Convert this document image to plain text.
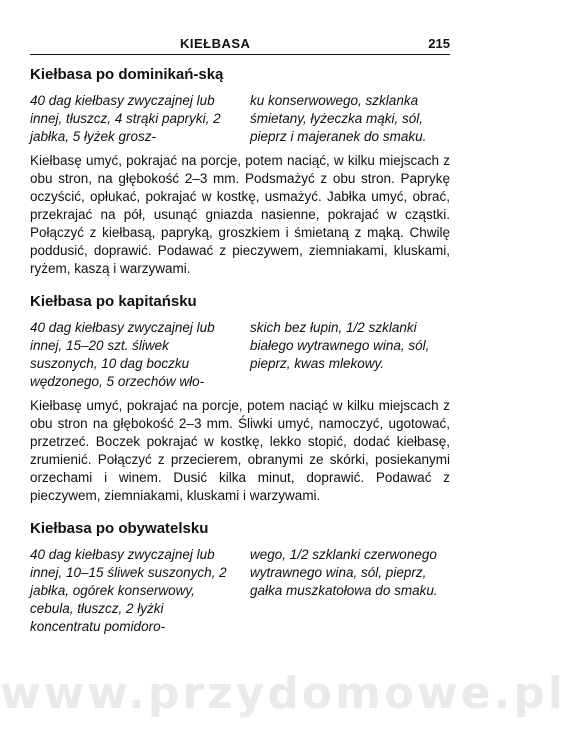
KIEŁBASA	215
Kiełbasa po dominikań-ską
40 dag kiełbasy zwyczajnej lub innej, tłuszcz, 4 strąki papryki, 2 jabłka, 5 łyżek grosz-
ku konserwowego, szklanka śmietany, łyżeczka mąki, sól, pieprz i majeranek do smaku.
Kiełbasę umyć, pokrajać na porcje, potem naciąć, w kilku miejscach z obu stron, na głębokość 2–3 mm. Podsmażyć z obu stron. Paprykę oczyścić, opłukać, pokrajać w kostkę, usmażyć. Jabłka umyć, obrać, przekrajać na pół, usunąć gniazda nasienne, pokrajać w cząstki. Połączyć z kiełbasą, papryką, groszkiem i śmietaną z mąką. Chwilę poddusić, doprawić. Podawać z pieczywem, ziemniakami, kluskami, ryżem, kaszą i warzywami.
Kiełbasa po kapitańsku
40 dag kiełbasy zwyczajnej lub innej, 15–20 szt. śliwek suszonych, 10 dag boczku wędzonego, 5 orzechów wło-
skich bez łupin, 1/2 szklanki białego wytrawnego wina, sól, pieprz, kwas mlekowy.
Kiełbasę umyć, pokrajać na porcje, potem naciąć w kilku miejscach z obu stron na głębokość 2–3 mm. Śliwki umyć, namoczyć, ugotować, przetrzeć. Boczek pokrajać w kostkę, lekko stopić, dodać kiełbasę, zrumienić. Połączyć z przecierem, obranymi ze skórki, posiekanymi orzechami i winem. Dusić kilka minut, doprawić. Podawać z pieczywem, ziemniakami, kluskami i warzywami.
Kiełbasa po obywatelsku
40 dag kiełbasy zwyczajnej lub innej, 10–15 śliwek suszonych, 2 jabłka, ogórek konserwowy, cebula, tłuszcz, 2 łyżki koncentratu pomidoro-
wego, 1/2 szklanki czerwonego wytrawnego wina, sól, pieprz, gałka muszkatołowa do smaku.
www.przydomowe.pl
